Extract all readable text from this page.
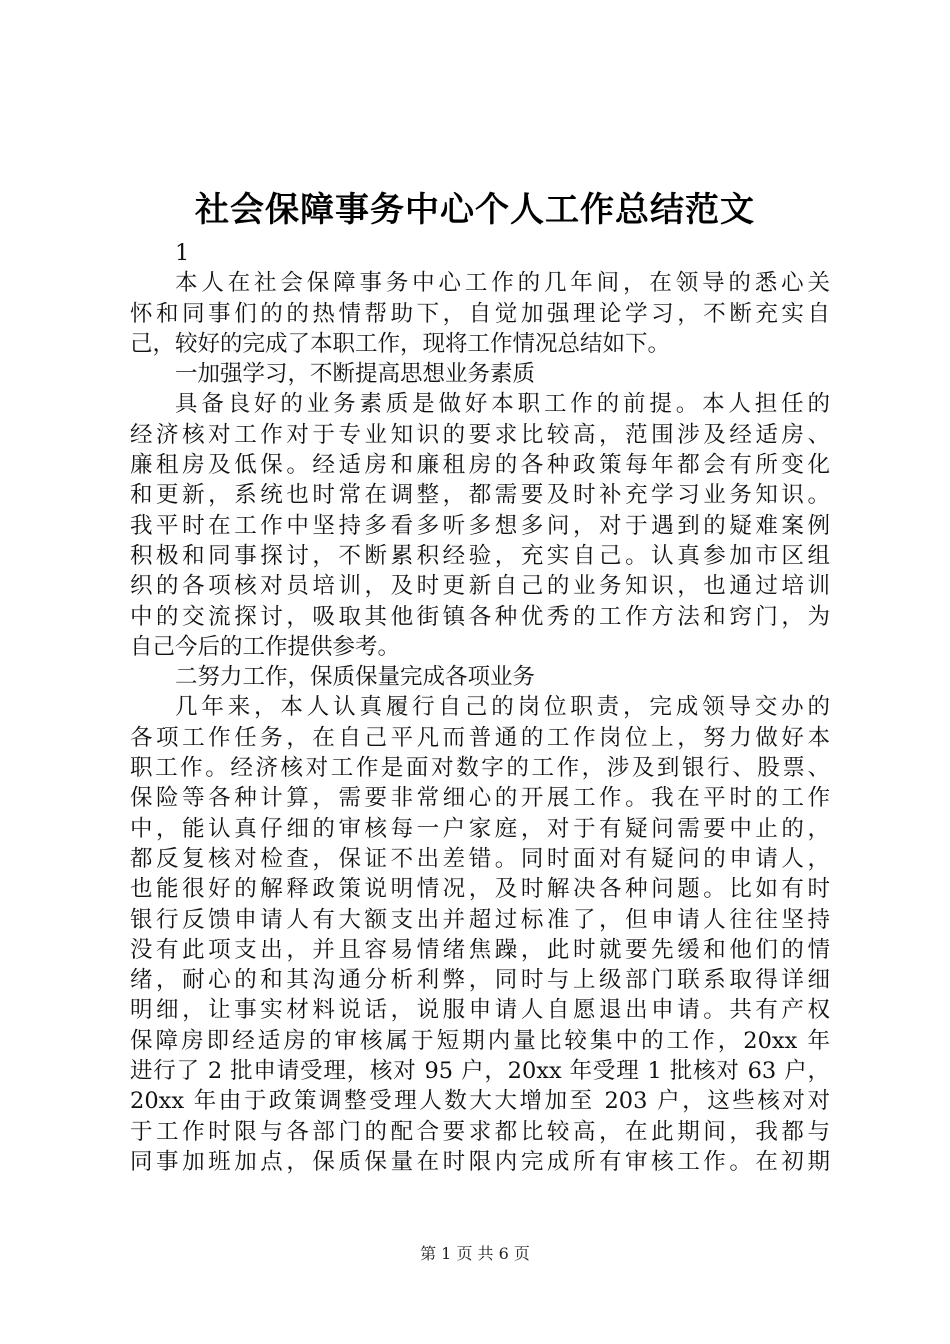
社会保障事务中心个人工作总结范文
1
本人在社会保障事务中心工作的几年间，在领导的悉心关
怀和同事们的的热情帮助下，自觉加强理论学习，不断充实自
己，较好的完成了本职工作，现将工作情况总结如下。
一加强学习，不断提高思想业务素质
具备良好的业务素质是做好本职工作的前提。本人担任的
经济核对工作对于专业知识的要求比较高，范围涉及经适房、
廉租房及低保。经适房和廉租房的各种政策每年都会有所变化
和更新，系统也时常在调整，都需要及时补充学习业务知识。
我平时在工作中坚持多看多听多想多问，对于遇到的疑难案例
积极和同事探讨，不断累积经验，充实自己。认真参加市区组
织的各项核对员培训，及时更新自己的业务知识，也通过培训
中的交流探讨，吸取其他街镇各种优秀的工作方法和窍门，为
自己今后的工作提供参考。
二努力工作，保质保量完成各项业务
几年来，本人认真履行自己的岗位职责，完成领导交办的
各项工作任务，在自己平凡而普通的工作岗位上，努力做好本
职工作。经济核对工作是面对数字的工作，涉及到银行、股票、
保险等各种计算，需要非常细心的开展工作。我在平时的工作
中，能认真仔细的审核每一户家庭，对于有疑问需要中止的，
都反复核对检查，保证不出差错。同时面对有疑问的申请人，
也能很好的解释政策说明情况，及时解决各种问题。比如有时
银行反馈申请人有大额支出并超过标准了，但申请人往往坚持
没有此项支出，并且容易情绪焦躁，此时就要先缓和他们的情
绪，耐心的和其沟通分析利弊，同时与上级部门联系取得详细
明细，让事实材料说话，说服申请人自愿退出申请。共有产权
保障房即经适房的审核属于短期内量比较集中的工作，20xx 年
进行了 2 批申请受理，核对 95 户，20xx 年受理 1 批核对 63 户，
20xx 年由于政策调整受理人数大大增加至 203 户，这些核对对
于工作时限与各部门的配合要求都比较高，在此期间，我都与
同事加班加点，保质保量在时限内完成所有审核工作。在初期
第 1 页 共 6 页
